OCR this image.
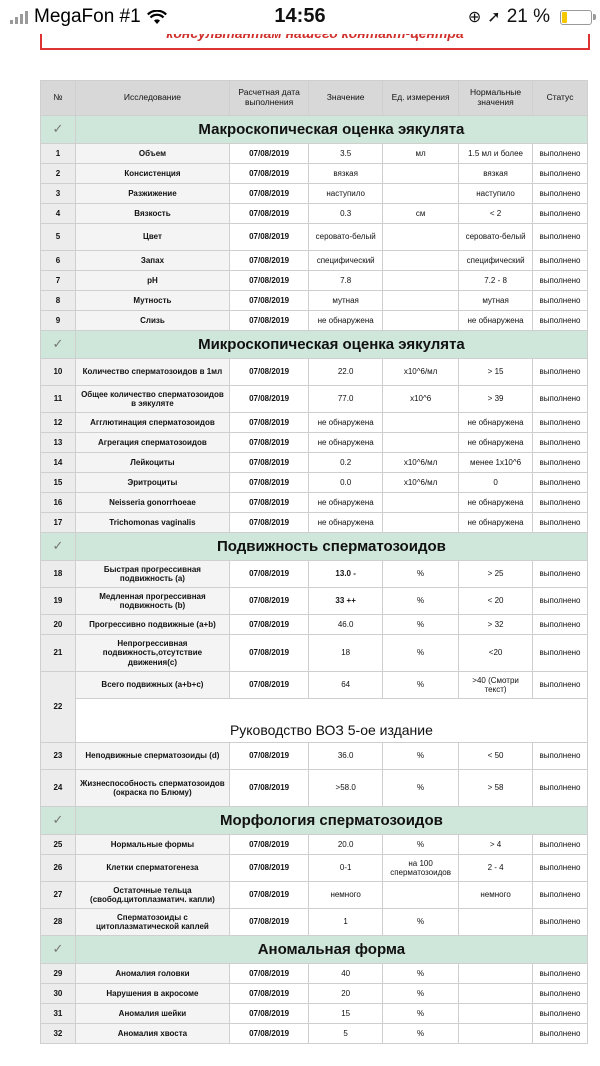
MegaFon #1	14:56	⊕ ➚ 21 %
№	Исследование	Расчетная дата выполнения	Значение	Ед. измерения	Нормальные значения	Статус
✓	Макроскопическая оценка эякулята					
1	Объем	07/08/2019	3.5	мл	1.5 мл и более	выполнено
2	Консистенция	07/08/2019	вязкая		вязкая	выполнено
3	Разжижение	07/08/2019	наступило		наступило	выполнено
4	Вязкость	07/08/2019	0.3	см	< 2	выполнено
5	Цвет	07/08/2019	серовато-белый		серовато-белый	выполнено
6	Запах	07/08/2019	специфический		специфический	выполнено
7	pH	07/08/2019	7.8		7.2 - 8	выполнено
8	Мутность	07/08/2019	мутная		мутная	выполнено
9	Слизь	07/08/2019	не обнаружена		не обнаружена	выполнено
✓	Микроскопическая оценка эякулята					
10	Количество сперматозоидов в 1мл	07/08/2019	22.0	x10^6/мл	> 15	выполнено
11	Общее количество сперматозоидов в эякуляте	07/08/2019	77.0	x10^6	> 39	выполнено
12	Агглютинация сперматозоидов	07/08/2019	не обнаружена		не обнаружена	выполнено
13	Агрегация сперматозоидов	07/08/2019	не обнаружена		не обнаружена	выполнено
14	Лейкоциты	07/08/2019	0.2	x10^6/мл	менее 1x10^6	выполнено
15	Эритроциты	07/08/2019	0.0	x10^6/мл	0	выполнено
16	Neisseria gonorrhoeae	07/08/2019	не обнаружена		не обнаружена	выполнено
17	Trichomonas vaginalis	07/08/2019	не обнаружена		не обнаружена	выполнено
✓	Подвижность сперматозоидов					
18	Быстрая прогрессивная подвижность (a)	07/08/2019	13.0 -	%	> 25	выполнено
19	Медленная прогрессивная подвижность (b)	07/08/2019	33 ++	%	< 20	выполнено
20	Прогрессивно подвижные (a+b)	07/08/2019	46.0	%	> 32	выполнено
21	Непрогрессивная подвижность,отсутствие движения(c)	07/08/2019	18	%	<20	выполнено
22	Всего подвижных (a+b+c)	07/08/2019	64	%	>40 (Смотри текст)	выполнено
	Руководство ВОЗ 5-ое издание					
23	Неподвижные сперматозоиды (d)	07/08/2019	36.0	%	< 50	выполнено
24	Жизнеспособность сперматозоидов (окраска по Блюму)	07/08/2019	>58.0	%	> 58	выполнено
✓	Морфология сперматозоидов					
25	Нормальные формы	07/08/2019	20.0	%	> 4	выполнено
26	Клетки сперматогенеза	07/08/2019	0-1	на 100 сперматозоидов	2 - 4	выполнено
27	Остаточные тельца (свобод.цитоплазматич. капли)	07/08/2019	немного		немного	выполнено
28	Сперматозоиды с цитоплазматической каплей	07/08/2019	1	%		выполнено
✓	Аномальная форма					
29	Аномалия головки	07/08/2019	40	%		выполнено
30	Нарушения в акросоме	07/08/2019	20	%		выполнено
31	Аномалия шейки	07/08/2019	15	%		выполнено
32	Аномалия хвоста	07/08/2019	5	%		выполнено
